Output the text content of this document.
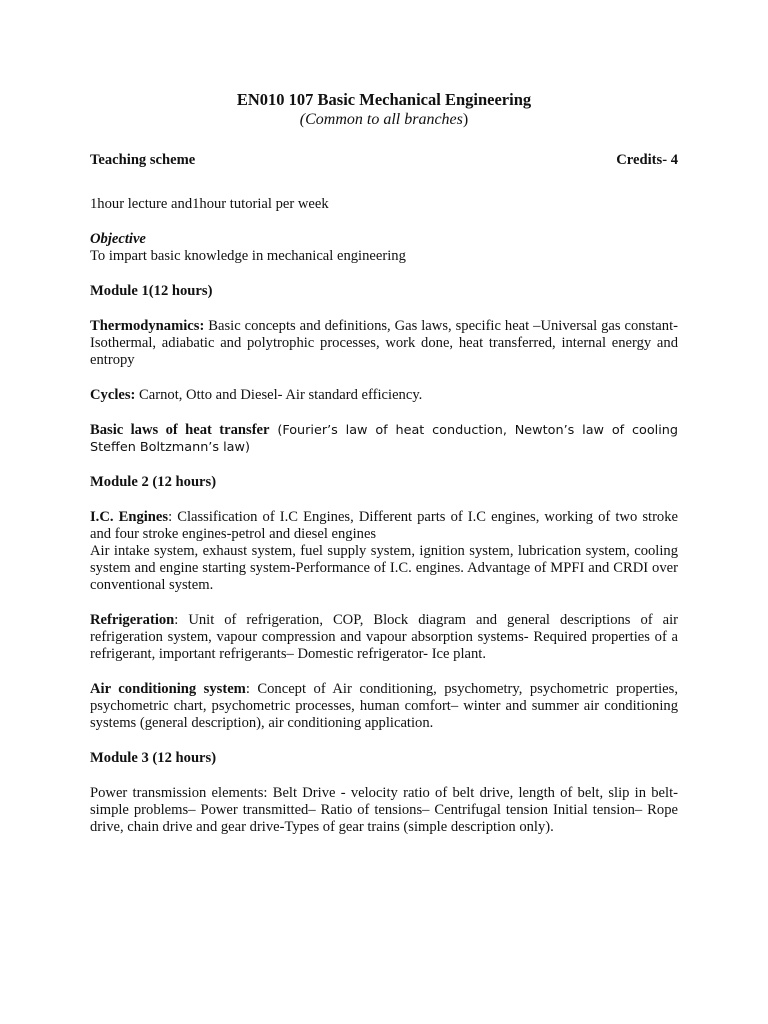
EN010 107 Basic Mechanical Engineering
(Common to all branches)
Teaching scheme	Credits- 4

1hour lecture and1hour tutorial per week

Objective

To impart basic knowledge in mechanical engineering

Module 1(12 hours)

Thermodynamics: Basic concepts and definitions, Gas laws, specific heat –Universal gas constant- Isothermal, adiabatic and polytrophic processes, work done, heat transferred, internal energy and entropy

Cycles: Carnot, Otto and Diesel- Air standard efficiency.

Basic laws of heat transfer (Fourier’s law of heat conduction, Newton’s law of cooling Steffen Boltzmann’s law)

Module 2 (12 hours)

I.C. Engines: Classification of I.C Engines, Different parts of I.C engines, working of two stroke and four stroke engines-petrol and diesel engines

Air intake system, exhaust system, fuel supply system, ignition system, lubrication system, cooling system and engine starting system-Performance of I.C. engines. Advantage of MPFI and CRDI over conventional system.

Refrigeration: Unit of refrigeration, COP, Block diagram and general descriptions of air refrigeration system, vapour compression and vapour absorption systems- Required properties of a refrigerant, important refrigerants– Domestic refrigerator- Ice plant.

Air conditioning system: Concept of Air conditioning, psychometry, psychometric properties, psychometric chart, psychometric processes, human comfort– winter and summer air conditioning systems (general description), air conditioning application.

Module 3 (12 hours)

Power transmission elements: Belt Drive - velocity ratio of belt drive, length of belt, slip in belt-simple problems– Power transmitted– Ratio of tensions– Centrifugal tension Initial tension– Rope drive, chain drive and gear drive-Types of gear trains (simple description only).
